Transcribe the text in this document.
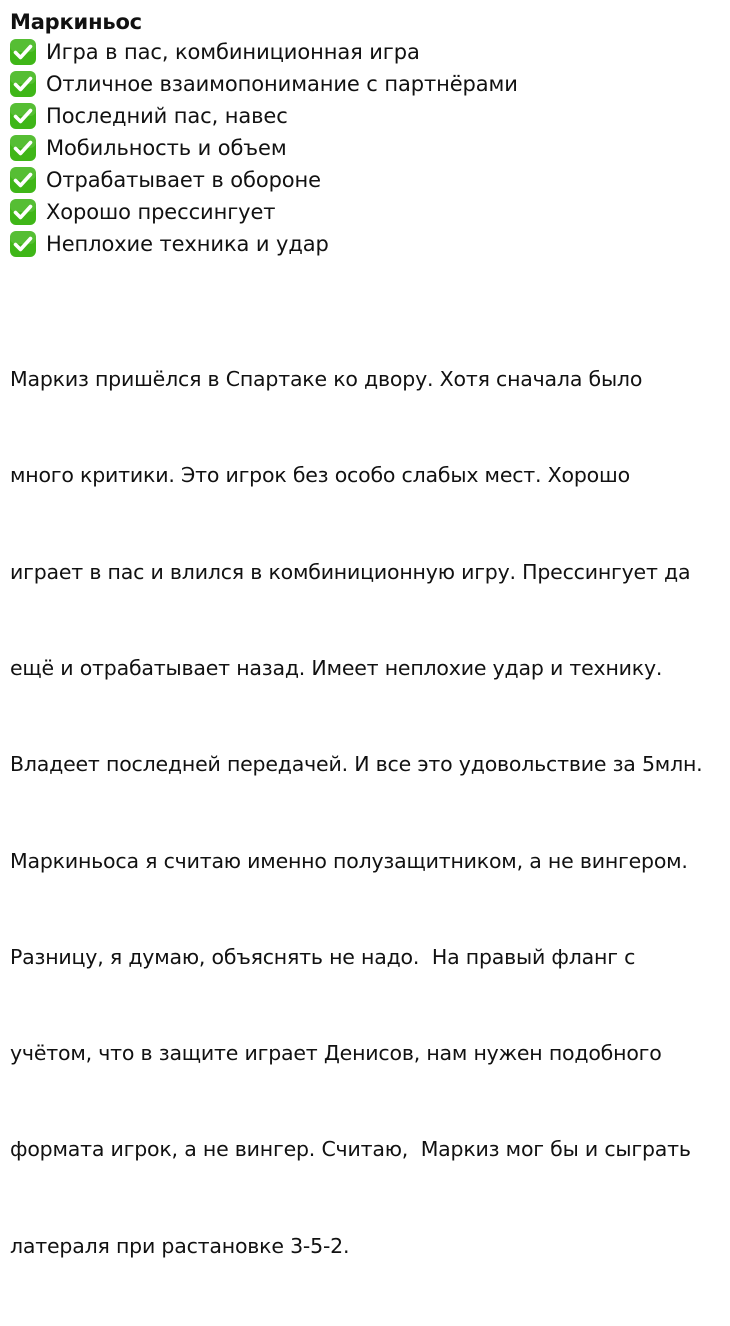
Маркиньос
Игра в пас, комбиниционная игра
Отличное взаимопонимание с партнёрами
Последний пас, навес
Мобильность и объем
Отрабатывает в обороне
Хорошо прессингует
Неплохие техника и удар

Маркиз пришёлся в Спартаке ко двору. Хотя сначала было

много критики. Это игрок без особо слабых мест. Хорошо

играет в пас и влился в комбиниционную игру. Прессингует да

ещё и отрабатывает назад. Имеет неплохие удар и технику.

Владеет последней передачей. И все это удовольствие за 5млн.

Маркиньоса я считаю именно полузащитником, а не вингером.

Разницу, я думаю, объяснять не надо.  На правый фланг с

учётом, что в защите играет Денисов, нам нужен подобного

формата игрок, а не вингер. Считаю,  Маркиз мог бы и сыграть

латераля при растановке 3-5-2.
